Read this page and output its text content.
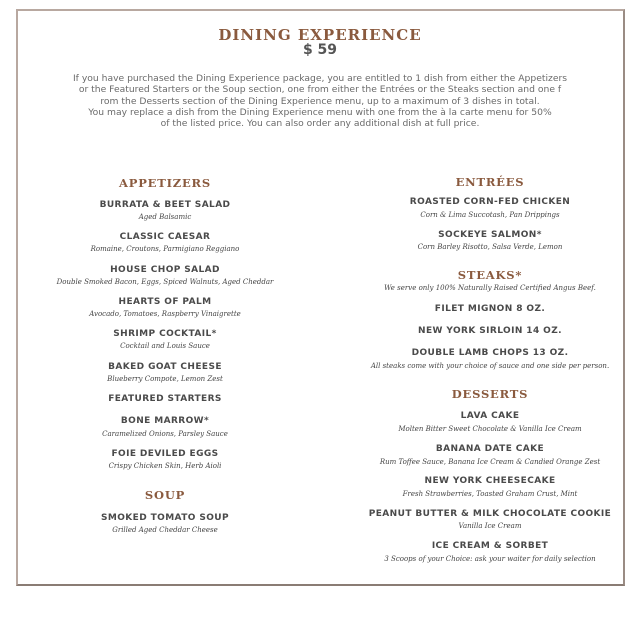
DINING EXPERIENCE
$ 59
If you have purchased the Dining Experience package, you are entitled to 1 dish from either the Appetizers
or the Featured Starters or the Soup section, one from either the Entrées or the Steaks section and one f
rom the Desserts section of the Dining Experience menu, up to a maximum of 3 dishes in total.
You may replace a dish from the Dining Experience menu with one from the à la carte menu for 50%
of the listed price. You can also order any additional dish at full price.
APPETIZERS
BURRATA & BEET SALAD
Aged Balsamic
CLASSIC CAESAR
Romaine, Croutons, Parmigiano Reggiano
HOUSE CHOP SALAD
Double Smoked Bacon, Eggs, Spiced Walnuts, Aged Cheddar
HEARTS OF PALM
Avocado, Tomatoes, Raspberry Vinaigrette
SHRIMP COCKTAIL*
Cocktail and Louis Sauce
BAKED GOAT CHEESE
Blueberry Compote, Lemon Zest
FEATURED STARTERS
BONE MARROW*
Caramelized Onions, Parsley Sauce
FOIE DEVILED EGGS
Crispy Chicken Skin, Herb Aioli
SOUP
SMOKED TOMATO SOUP
Grilled Aged Cheddar Cheese
ENTRÉES
ROASTED CORN-FED CHICKEN
Corn & Lima Succotash, Pan Drippings
SOCKEYE SALMON*
Corn Barley Risotto, Salsa Verde, Lemon
STEAKS*
We serve only 100% Naturally Raised Certified Angus Beef.
FILET MIGNON 8 OZ.
NEW YORK SIRLOIN 14 OZ.
DOUBLE LAMB CHOPS 13 OZ.
All steaks come with your choice of sauce and one side per person.
DESSERTS
LAVA CAKE
Molten Bitter Sweet Chocolate & Vanilla Ice Cream
BANANA DATE CAKE
Rum Toffee Sauce, Banana Ice Cream & Candied Orange Zest
NEW YORK CHEESECAKE
Fresh Strawberries, Toasted Graham Crust, Mint
PEANUT BUTTER & MILK CHOCOLATE COOKIE
Vanilla Ice Cream
ICE CREAM & SORBET
3 Scoops of your Choice: ask your waiter for daily selection
